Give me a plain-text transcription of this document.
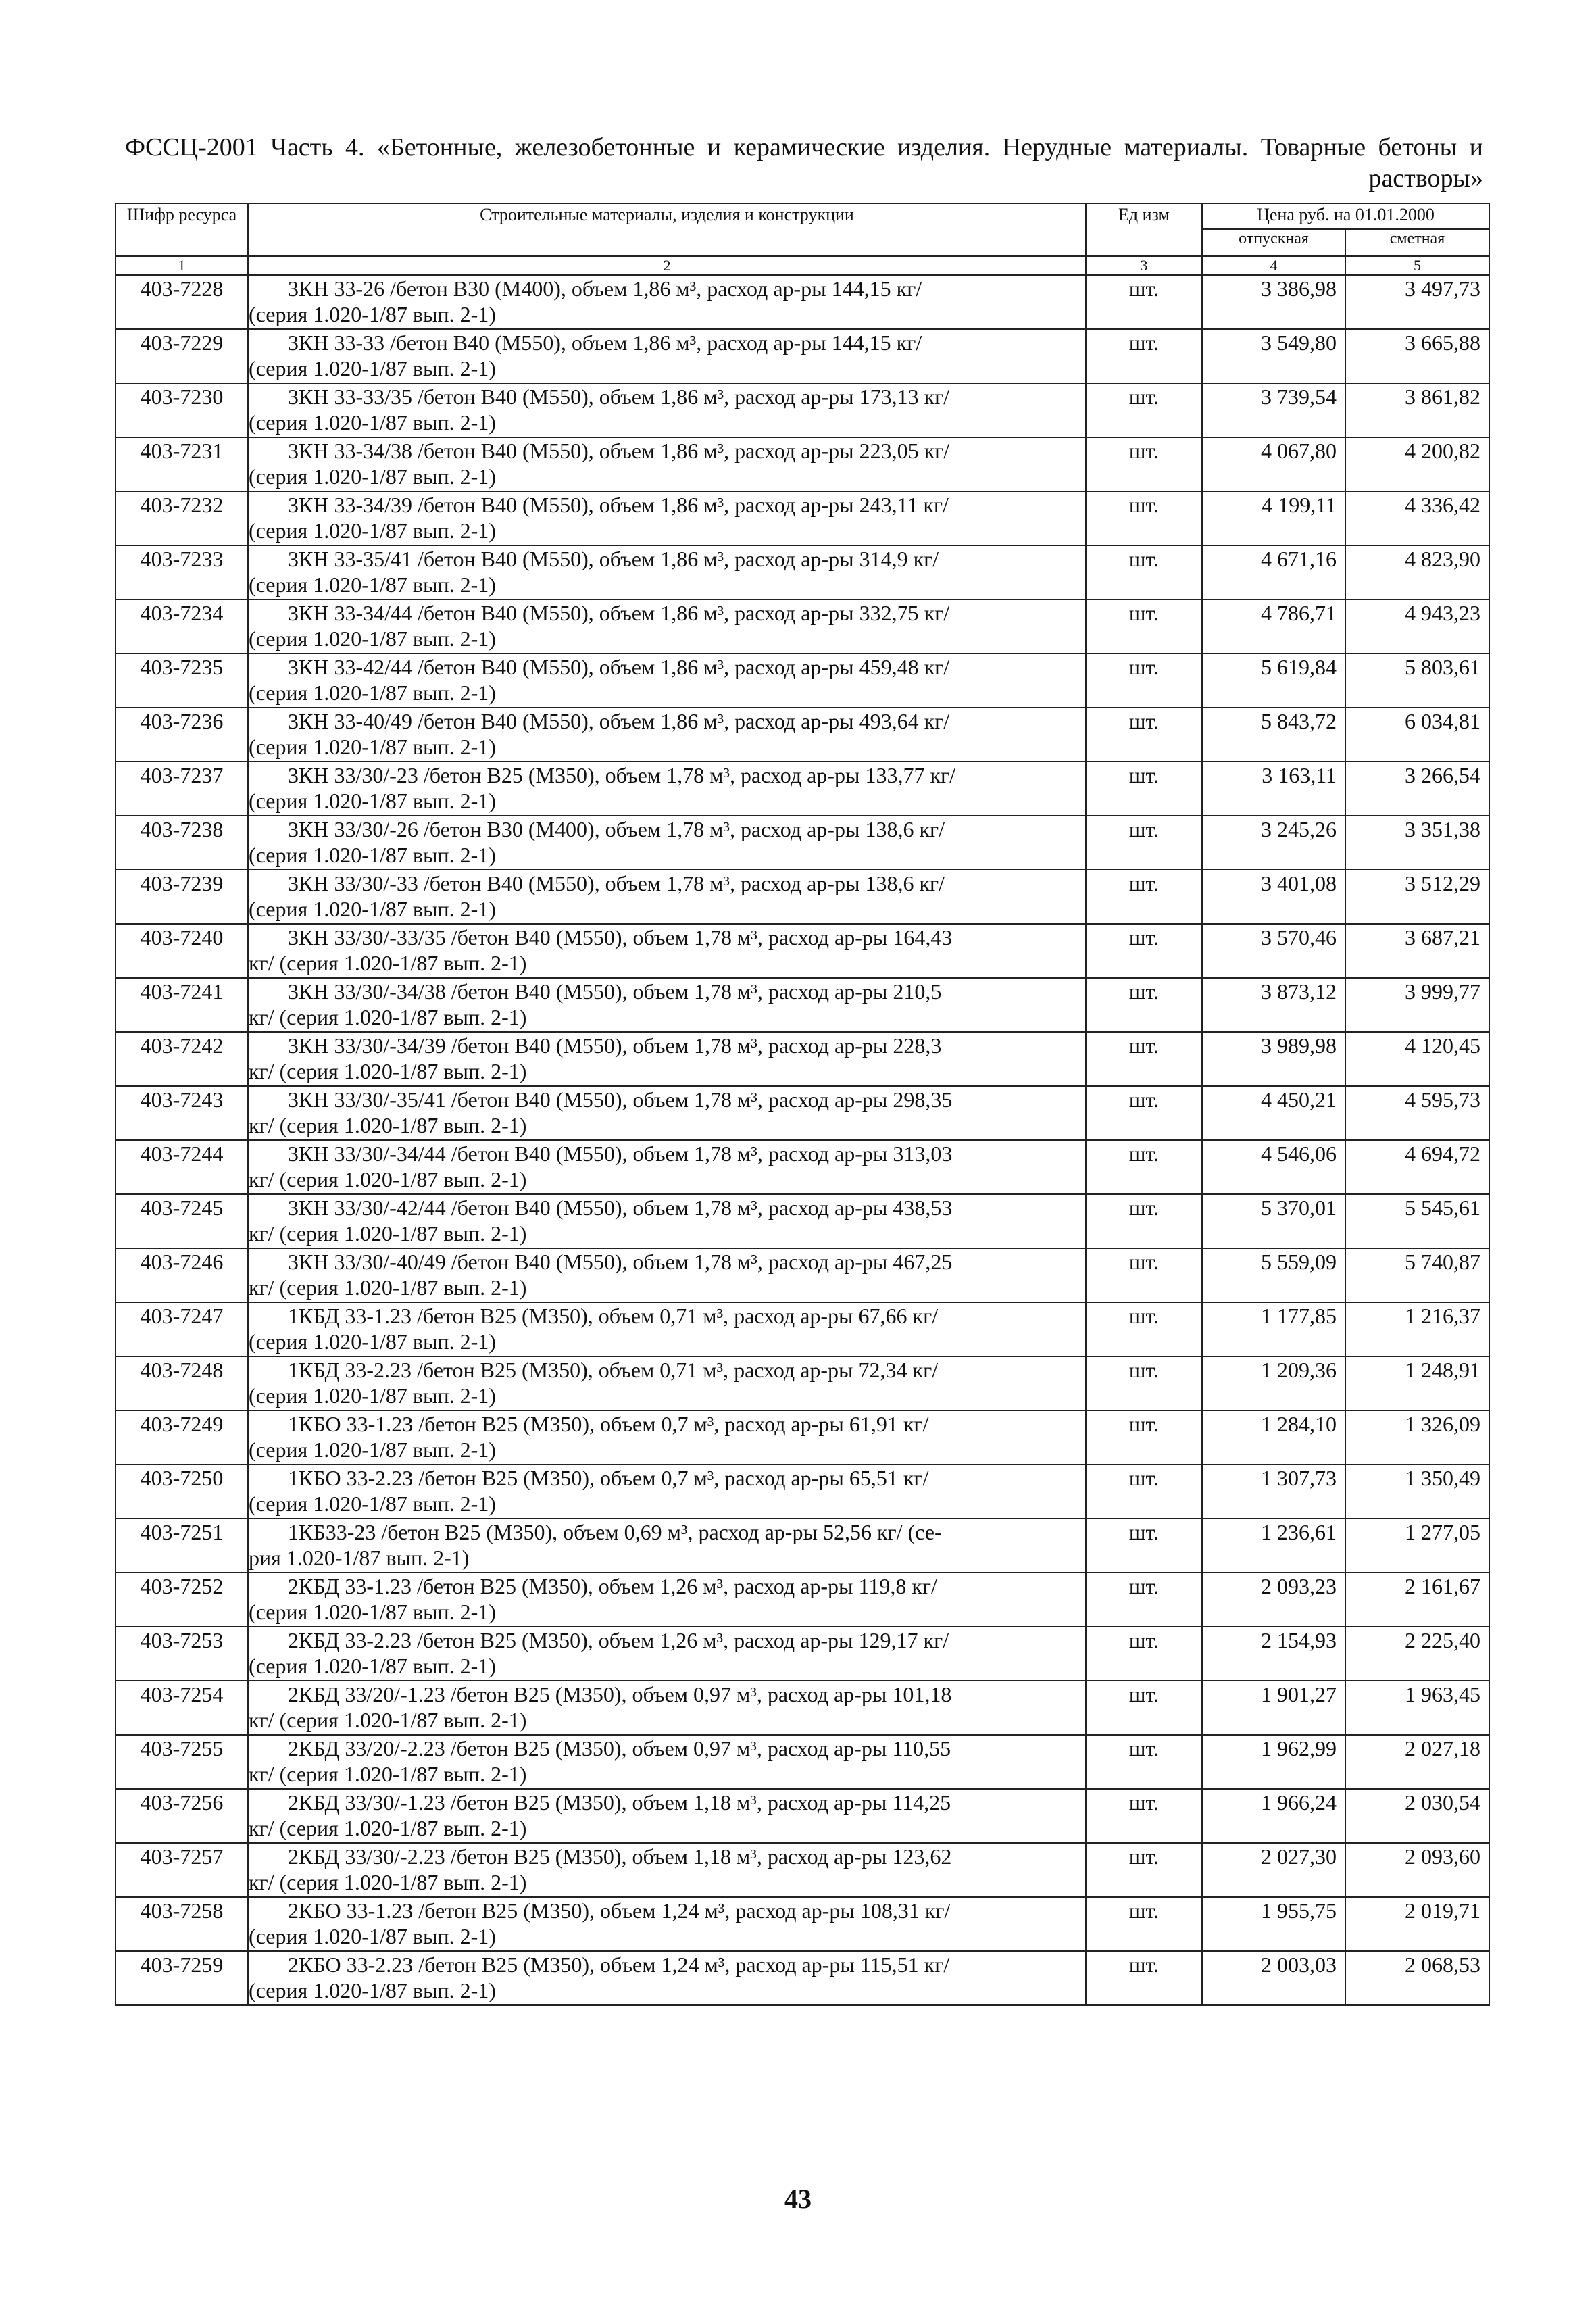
ФССЦ-2001 Часть 4. «Бетонные, железобетонные и керамические изделия. Нерудные материалы. Товарные бетоны и растворы»
Шифр ресурса	Строительные материалы, изделия и конструкции	Ед изм	Цена руб. на 01.01.2000	
			отпускная	сметная
1	2	3	4	5
403-7228	3КН 33-26 /бетон В30 (М400), объем 1,86 м³, расход ар-ры 144,15 кг/
(серия 1.020-1/87 вып. 2-1)	шт.	3 386,98	3 497,73
403-7229	3КН 33-33 /бетон В40 (М550), объем 1,86 м³, расход ар-ры 144,15 кг/
(серия 1.020-1/87 вып. 2-1)	шт.	3 549,80	3 665,88
403-7230	3КН 33-33/35 /бетон В40 (М550), объем 1,86 м³, расход ар-ры 173,13 кг/
(серия 1.020-1/87 вып. 2-1)	шт.	3 739,54	3 861,82
403-7231	3КН 33-34/38 /бетон В40 (М550), объем 1,86 м³, расход ар-ры 223,05 кг/
(серия 1.020-1/87 вып. 2-1)	шт.	4 067,80	4 200,82
403-7232	3КН 33-34/39 /бетон В40 (М550), объем 1,86 м³, расход ар-ры 243,11 кг/
(серия 1.020-1/87 вып. 2-1)	шт.	4 199,11	4 336,42
403-7233	3КН 33-35/41 /бетон В40 (М550), объем 1,86 м³, расход ар-ры 314,9 кг/
(серия 1.020-1/87 вып. 2-1)	шт.	4 671,16	4 823,90
403-7234	3КН 33-34/44 /бетон В40 (М550), объем 1,86 м³, расход ар-ры 332,75 кг/
(серия 1.020-1/87 вып. 2-1)	шт.	4 786,71	4 943,23
403-7235	3КН 33-42/44 /бетон В40 (М550), объем 1,86 м³, расход ар-ры 459,48 кг/
(серия 1.020-1/87 вып. 2-1)	шт.	5 619,84	5 803,61
403-7236	3КН 33-40/49 /бетон В40 (М550), объем 1,86 м³, расход ар-ры 493,64 кг/
(серия 1.020-1/87 вып. 2-1)	шт.	5 843,72	6 034,81
403-7237	3КН 33/30/-23 /бетон В25 (М350), объем 1,78 м³, расход ар-ры 133,77 кг/
(серия 1.020-1/87 вып. 2-1)	шт.	3 163,11	3 266,54
403-7238	3КН 33/30/-26 /бетон В30 (М400), объем 1,78 м³, расход ар-ры 138,6 кг/
(серия 1.020-1/87 вып. 2-1)	шт.	3 245,26	3 351,38
403-7239	3КН 33/30/-33 /бетон В40 (М550), объем 1,78 м³, расход ар-ры 138,6 кг/
(серия 1.020-1/87 вып. 2-1)	шт.	3 401,08	3 512,29
403-7240	3КН 33/30/-33/35 /бетон В40 (М550), объем 1,78 м³, расход ар-ры 164,43
кг/ (серия 1.020-1/87 вып. 2-1)	шт.	3 570,46	3 687,21
403-7241	3КН 33/30/-34/38 /бетон В40 (М550), объем 1,78 м³, расход ар-ры 210,5
кг/ (серия 1.020-1/87 вып. 2-1)	шт.	3 873,12	3 999,77
403-7242	3КН 33/30/-34/39 /бетон В40 (М550), объем 1,78 м³, расход ар-ры 228,3
кг/ (серия 1.020-1/87 вып. 2-1)	шт.	3 989,98	4 120,45
403-7243	3КН 33/30/-35/41 /бетон В40 (М550), объем 1,78 м³, расход ар-ры 298,35
кг/ (серия 1.020-1/87 вып. 2-1)	шт.	4 450,21	4 595,73
403-7244	3КН 33/30/-34/44 /бетон В40 (М550), объем 1,78 м³, расход ар-ры 313,03
кг/ (серия 1.020-1/87 вып. 2-1)	шт.	4 546,06	4 694,72
403-7245	3КН 33/30/-42/44 /бетон В40 (М550), объем 1,78 м³, расход ар-ры 438,53
кг/ (серия 1.020-1/87 вып. 2-1)	шт.	5 370,01	5 545,61
403-7246	3КН 33/30/-40/49 /бетон В40 (М550), объем 1,78 м³, расход ар-ры 467,25
кг/ (серия 1.020-1/87 вып. 2-1)	шт.	5 559,09	5 740,87
403-7247	1КБД 33-1.23 /бетон В25 (М350), объем 0,71 м³, расход ар-ры 67,66 кг/
(серия 1.020-1/87 вып. 2-1)	шт.	1 177,85	1 216,37
403-7248	1КБД 33-2.23 /бетон В25 (М350), объем 0,71 м³, расход ар-ры 72,34 кг/
(серия 1.020-1/87 вып. 2-1)	шт.	1 209,36	1 248,91
403-7249	1КБО 33-1.23 /бетон В25 (М350), объем 0,7 м³, расход ар-ры 61,91 кг/
(серия 1.020-1/87 вып. 2-1)	шт.	1 284,10	1 326,09
403-7250	1КБО 33-2.23 /бетон В25 (М350), объем 0,7 м³, расход ар-ры 65,51 кг/
(серия 1.020-1/87 вып. 2-1)	шт.	1 307,73	1 350,49
403-7251	1КБ33-23 /бетон В25 (М350), объем 0,69 м³, расход ар-ры 52,56 кг/ (се-
рия 1.020-1/87 вып. 2-1)	шт.	1 236,61	1 277,05
403-7252	2КБД 33-1.23 /бетон В25 (М350), объем 1,26 м³, расход ар-ры 119,8 кг/
(серия 1.020-1/87 вып. 2-1)	шт.	2 093,23	2 161,67
403-7253	2КБД 33-2.23 /бетон В25 (М350), объем 1,26 м³, расход ар-ры 129,17 кг/
(серия 1.020-1/87 вып. 2-1)	шт.	2 154,93	2 225,40
403-7254	2КБД 33/20/-1.23 /бетон В25 (М350), объем 0,97 м³, расход ар-ры 101,18
кг/ (серия 1.020-1/87 вып. 2-1)	шт.	1 901,27	1 963,45
403-7255	2КБД 33/20/-2.23 /бетон В25 (М350), объем 0,97 м³, расход ар-ры 110,55
кг/ (серия 1.020-1/87 вып. 2-1)	шт.	1 962,99	2 027,18
403-7256	2КБД 33/30/-1.23 /бетон В25 (М350), объем 1,18 м³, расход ар-ры 114,25
кг/ (серия 1.020-1/87 вып. 2-1)	шт.	1 966,24	2 030,54
403-7257	2КБД 33/30/-2.23 /бетон В25 (М350), объем 1,18 м³, расход ар-ры 123,62
кг/ (серия 1.020-1/87 вып. 2-1)	шт.	2 027,30	2 093,60
403-7258	2КБО 33-1.23 /бетон В25 (М350), объем 1,24 м³, расход ар-ры 108,31 кг/
(серия 1.020-1/87 вып. 2-1)	шт.	1 955,75	2 019,71
403-7259	2КБО 33-2.23 /бетон В25 (М350), объем 1,24 м³, расход ар-ры 115,51 кг/
(серия 1.020-1/87 вып. 2-1)	шт.	2 003,03	2 068,53
43
